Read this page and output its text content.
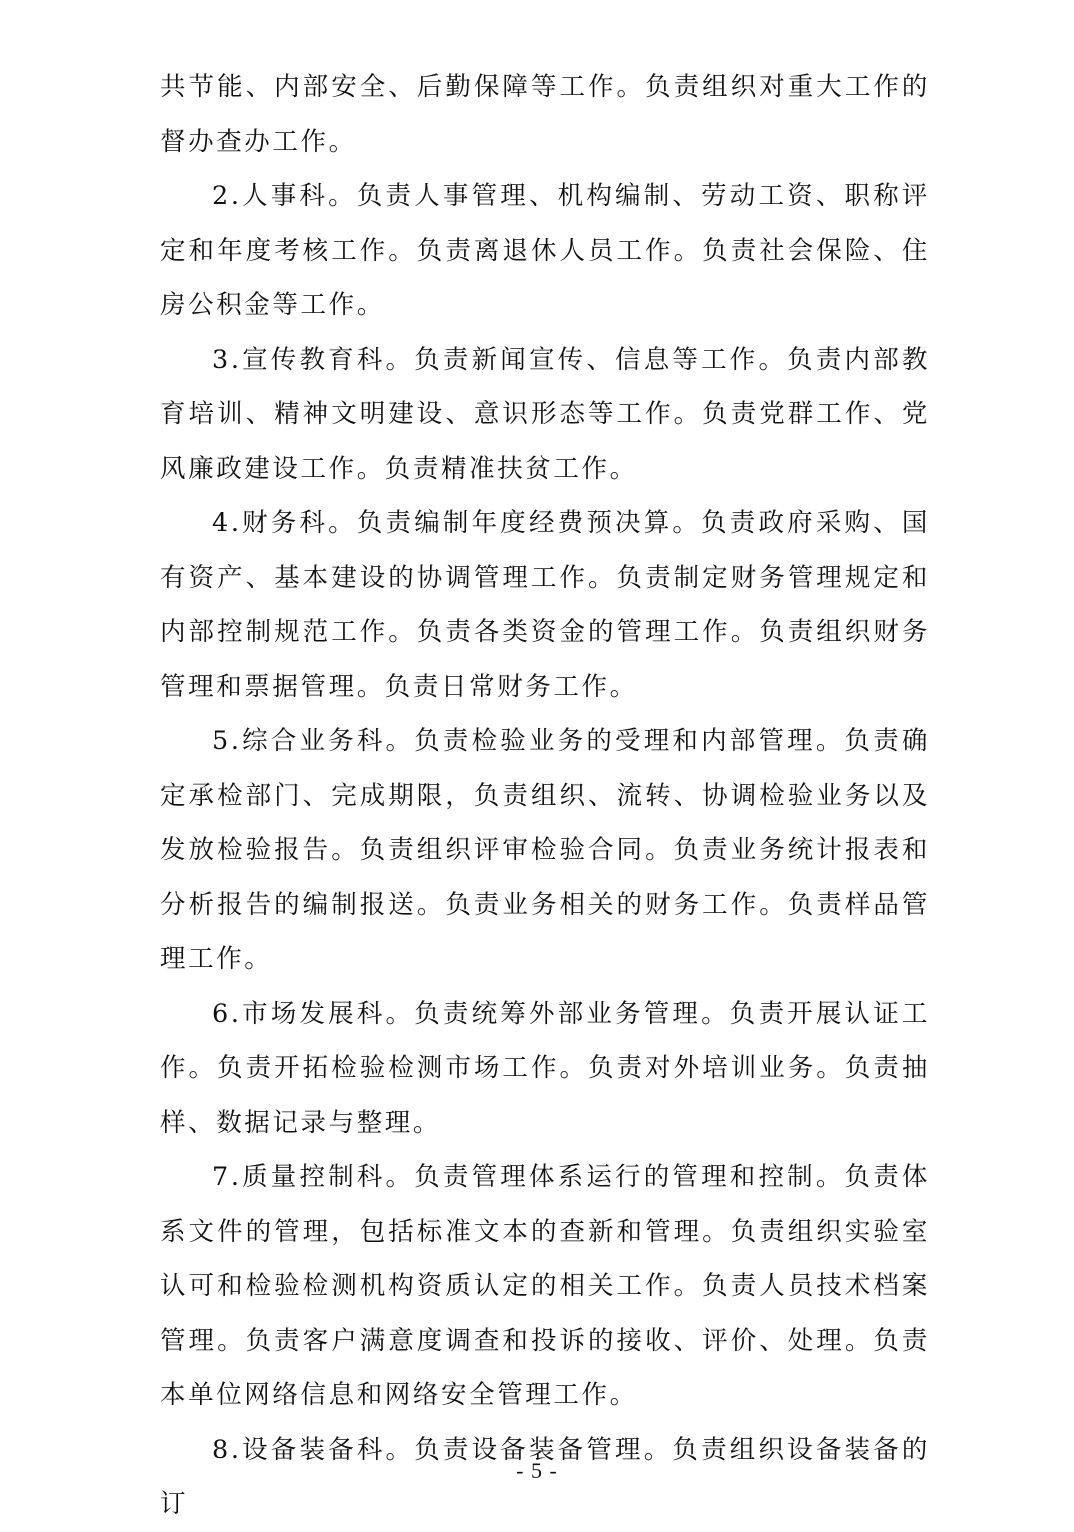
共节能、内部安全、后勤保障等工作。负责组织对重大工作的督办查办工作。

2.人事科。负责人事管理、机构编制、劳动工资、职称评定和年度考核工作。负责离退休人员工作。负责社会保险、住房公积金等工作。

3.宣传教育科。负责新闻宣传、信息等工作。负责内部教育培训、精神文明建设、意识形态等工作。负责党群工作、党风廉政建设工作。负责精准扶贫工作。

4.财务科。负责编制年度经费预决算。负责政府采购、国有资产、基本建设的协调管理工作。负责制定财务管理规定和内部控制规范工作。负责各类资金的管理工作。负责组织财务管理和票据管理。负责日常财务工作。

5.综合业务科。负责检验业务的受理和内部管理。负责确定承检部门、完成期限，负责组织、流转、协调检验业务以及发放检验报告。负责组织评审检验合同。负责业务统计报表和分析报告的编制报送。负责业务相关的财务工作。负责样品管理工作。

6.市场发展科。负责统筹外部业务管理。负责开展认证工作。负责开拓检验检测市场工作。负责对外培训业务。负责抽样、数据记录与整理。

7.质量控制科。负责管理体系运行的管理和控制。负责体系文件的管理，包括标准文本的查新和管理。负责组织实验室认可和检验检测机构资质认定的相关工作。负责人员技术档案管理。负责客户满意度调查和投诉的接收、评价、处理。负责本单位网络信息和网络安全管理工作。

8.设备装备科。负责设备装备管理。负责组织设备装备的订

- 5 -
